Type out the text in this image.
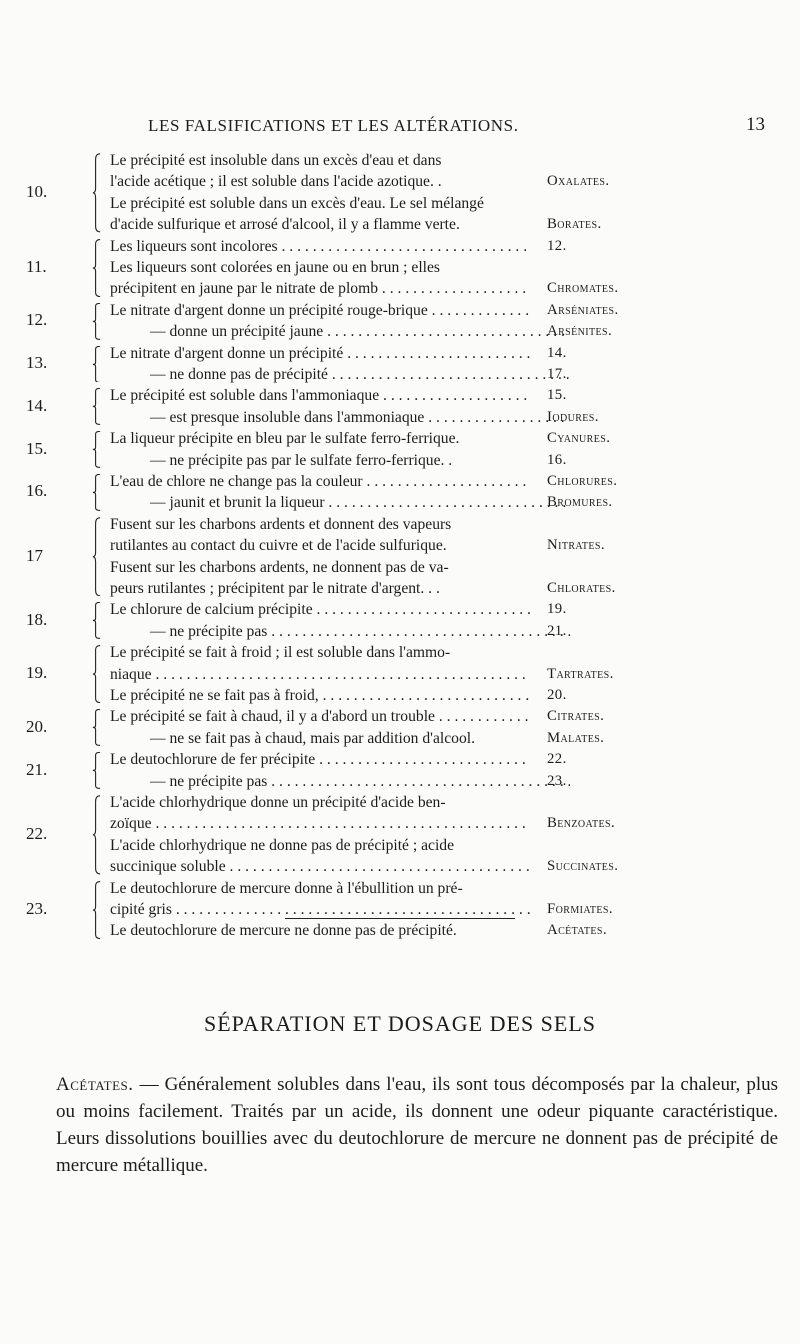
LES FALSIFICATIONS ET LES ALTÉRATIONS.	13
10.
Le précipité est insoluble dans un excès d'eau et dans
l'acide acétique ; il est soluble dans l'acide azotique. .	Oxalates.
Le précipité est soluble dans un excès d'eau. Le sel mélangé
d'acide sulfurique et arrosé d'alcool, il y a flamme verte.	Borates.
11.
Les liqueurs sont incolores . . .	12.
Les liqueurs sont colorées en jaune ou en brun ; elles
précipitent en jaune par le nitrate de plomb . . .	Chromates.
12.	Le nitrate d'argent donne un précipité rouge-brique . . .	Arséniates.
— donne un précipité jaune . . .	Arsénites.
13.	Le nitrate d'argent donne un précipité . . .	14.
— ne donne pas de précipité . . .	17.
14.	Le précipité est soluble dans l'ammoniaque . . .	15.
— est presque insoluble dans l'ammoniaque . . .	Iodures.
15.	La liqueur précipite en bleu par le sulfate ferro-ferrique.	Cyanures.
— ne précipite pas par le sulfate ferro-ferrique. .	16.
16.	L'eau de chlore ne change pas la couleur . . .	Chlorures.
— jaunit et brunit la liqueur . . .	Bromures.
17
Fusent sur les charbons ardents et donnent des vapeurs
rutilantes au contact du cuivre et de l'acide sulfurique.	Nitrates.
Fusent sur les charbons ardents, ne donnent pas de va-
peurs rutilantes ; précipitent par le nitrate d'argent. . .	Chlorates.
18.	Le chlorure de calcium précipite . . .	19.
— ne précipite pas . . .	21.
19.
Le précipité se fait à froid ; il est soluble dans l'ammo-
niaque . . .	Tartrates.
Le précipité ne se fait pas à froid, . . .	20.
20.	Le précipité se fait à chaud, il y a d'abord un trouble . . .	Citrates.
— ne se fait pas à chaud, mais par addition d'alcool.	Malates.
21.	Le deutochlorure de fer précipite . . .	22.
— ne précipite pas . . .	23.
22.
L'acide chlorhydrique donne un précipité d'acide ben-
zoïque . . .	Benzoates.
L'acide chlorhydrique ne donne pas de précipité ; acide
succinique soluble . . .	Succinates.
23.
Le deutochlorure de mercure donne à l'ébullition un pré-
cipité gris . . .	Formiates.
Le deutochlorure de mercure ne donne pas de précipité.	Acétates.
SÉPARATION ET DOSAGE DES SELS

Acétates. — Généralement solubles dans l'eau, ils sont tous décomposés par la chaleur, plus ou moins facilement. Traités par un acide, ils donnent une odeur piquante caractéristique. Leurs dissolutions bouillies avec du deutochlorure de mercure ne donnent pas de précipité de mercure métallique.
